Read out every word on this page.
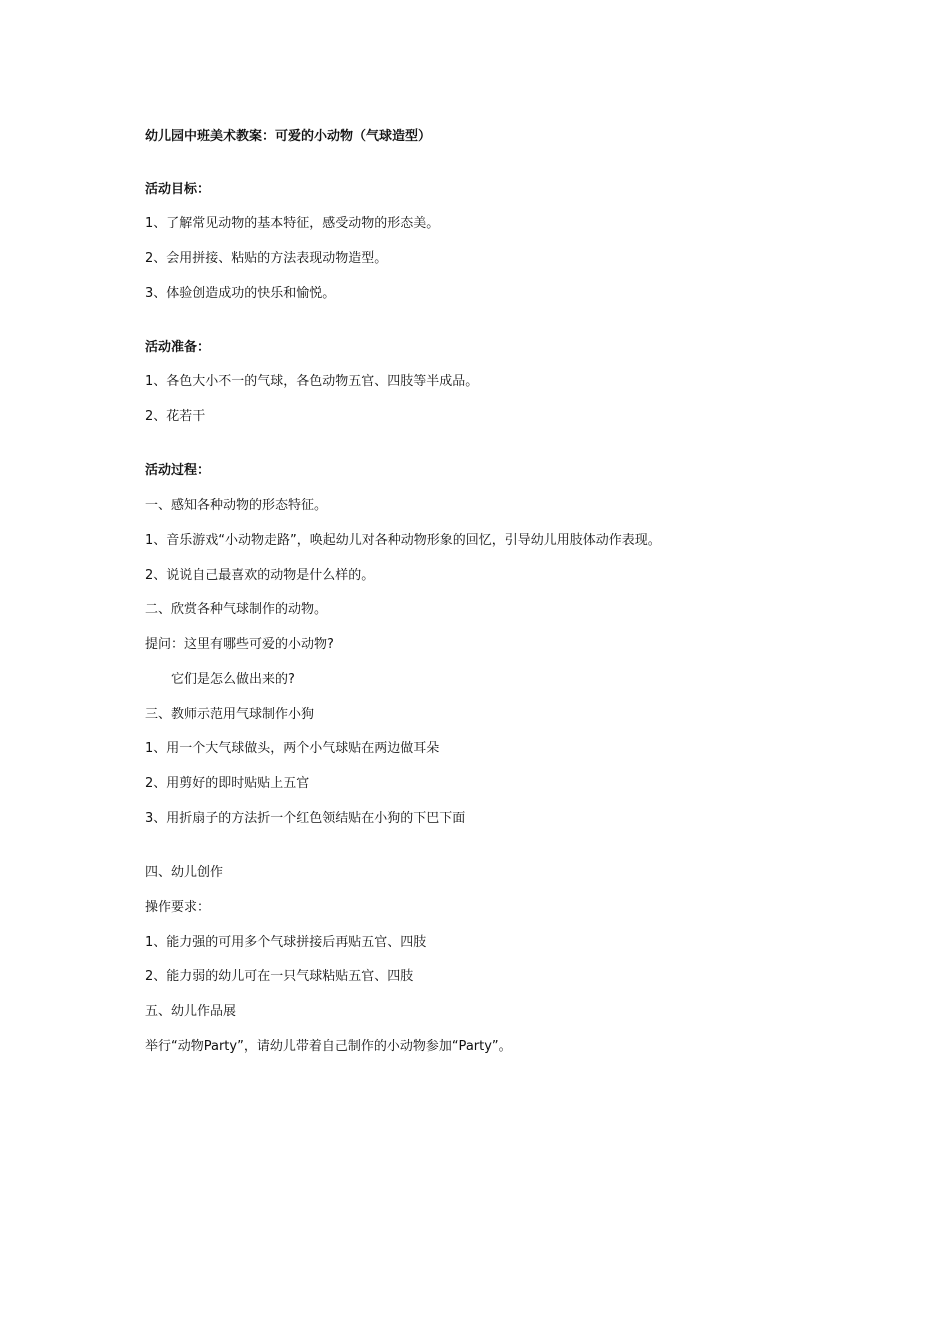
幼儿园中班美术教案：可爱的小动物（气球造型）
活动目标：
1、了解常见动物的基本特征，感受动物的形态美。
2、会用拼接、粘贴的方法表现动物造型。
3、体验创造成功的快乐和愉悦。
活动准备：
1、各色大小不一的气球，各色动物五官、四肢等半成品。
2、花若干
活动过程：
一、感知各种动物的形态特征。
1、音乐游戏“小动物走路”，唤起幼儿对各种动物形象的回忆，引导幼儿用肢体动作表现。
2、说说自己最喜欢的动物是什么样的。
二、欣赏各种气球制作的动物。
提问：这里有哪些可爱的小动物?
它们是怎么做出来的?
三、教师示范用气球制作小狗
1、用一个大气球做头，两个小气球贴在两边做耳朵
2、用剪好的即时贴贴上五官
3、用折扇子的方法折一个红色领结贴在小狗的下巴下面
四、幼儿创作
操作要求：
1、能力强的可用多个气球拼接后再贴五官、四肢
2、能力弱的幼儿可在一只气球粘贴五官、四肢
五、幼儿作品展
举行“动物Party”，请幼儿带着自己制作的小动物参加“Party”。
